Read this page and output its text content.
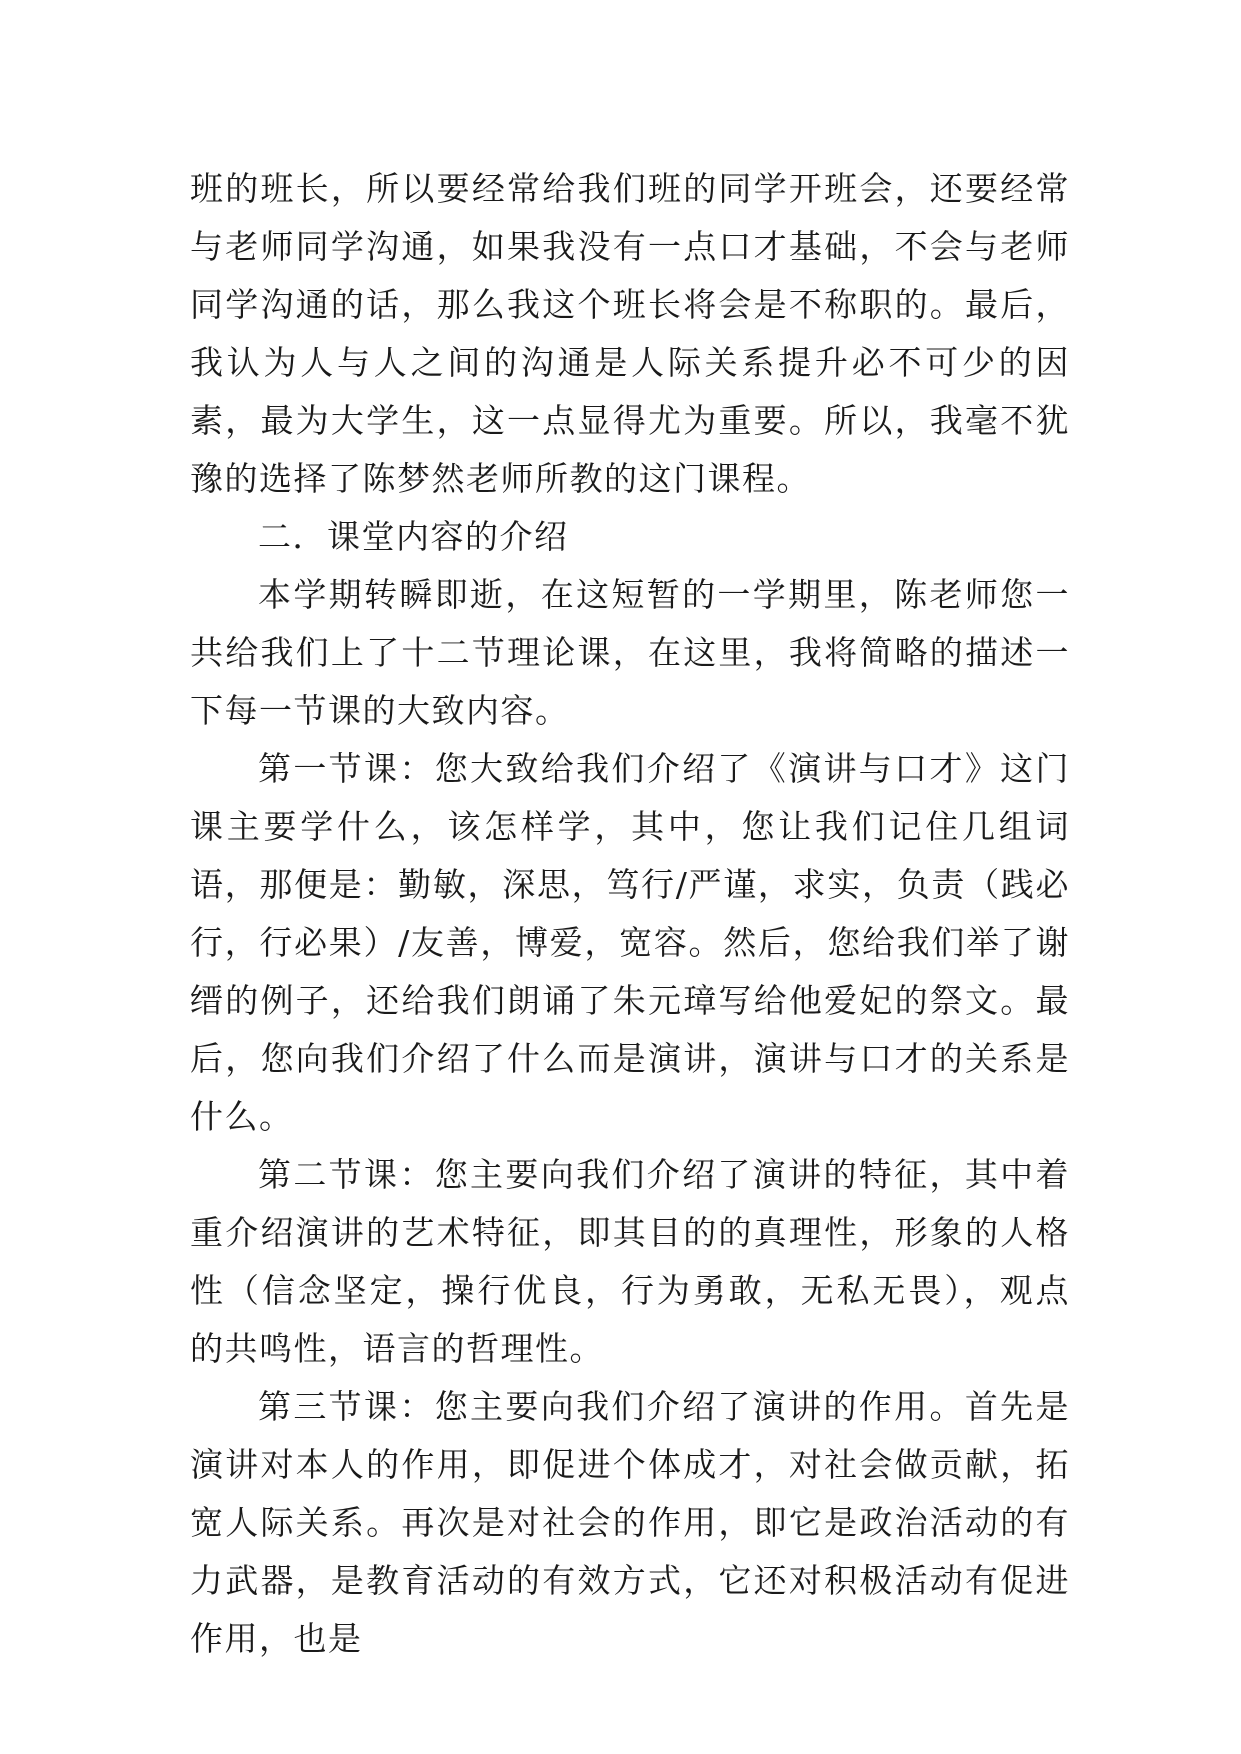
班的班长，所以要经常给我们班的同学开班会，还要经常与老师同学沟通，如果我没有一点口才基础，不会与老师同学沟通的话，那么我这个班长将会是不称职的。最后，我认为人与人之间的沟通是人际关系提升必不可少的因素，最为大学生，这一点显得尤为重要。所以，我毫不犹豫的选择了陈梦然老师所教的这门课程。

二．课堂内容的介绍

本学期转瞬即逝，在这短暂的一学期里，陈老师您一共给我们上了十二节理论课，在这里，我将简略的描述一下每一节课的大致内容。

第一节课：您大致给我们介绍了《演讲与口才》这门课主要学什么，该怎样学，其中，您让我们记住几组词语，那便是：勤敏，深思，笃行/严谨，求实，负责（践必行，行必果）/友善，博爱，宽容。然后，您给我们举了谢缙的例子，还给我们朗诵了朱元璋写给他爱妃的祭文。最后，您向我们介绍了什么而是演讲，演讲与口才的关系是什么。

第二节课：您主要向我们介绍了演讲的特征，其中着重介绍演讲的艺术特征，即其目的的真理性，形象的人格性（信念坚定，操行优良，行为勇敢，无私无畏），观点的共鸣性，语言的哲理性。

第三节课：您主要向我们介绍了演讲的作用。首先是演讲对本人的作用，即促进个体成才，对社会做贡献，拓宽人际关系。再次是对社会的作用，即它是政治活动的有力武器，是教育活动的有效方式，它还对积极活动有促进作用，也是
